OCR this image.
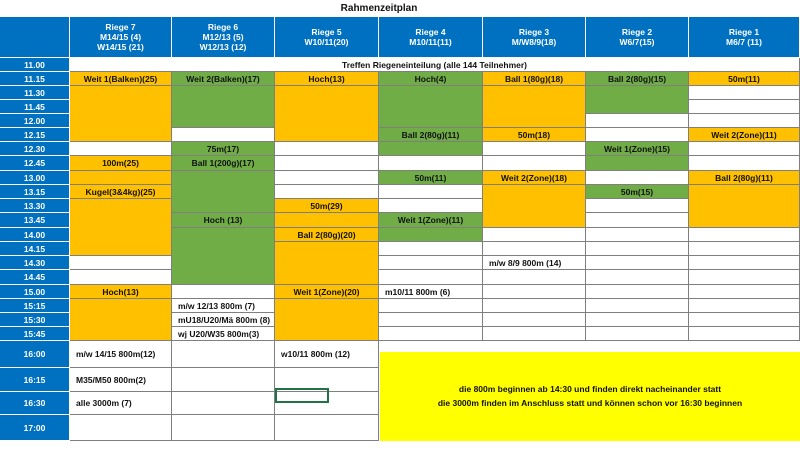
Rahmenzeitplan
Riege 7
M14/15 (4)
W14/15 (21)
Riege 6
M12/13 (5)
W12/13 (12)
Riege 5
W10/11(20)
Riege 4
M10/11(11)
Riege 3
M/W8/9(18)
Riege 2
W6/7(15)
Riege 1
M6/7 (11)
11.00
11.15
11.30
11.45
12.00
12.15
12.30
12.45
13.00
13.15
13.30
13.45
14.00
14.15
14.30
14.45
15.00
15:15
15:30
15:45
16:00
16:15
16:30
17:00
Treffen Riegeneinteilung (alle 144 Teilnehmer)
Weit 1(Balken)(25)
100m(25)
Kugel(3&4kg)(25)
Hoch(13)
Weit 2(Balken)(17)
75m(17)
Ball 1(200g)(17)
Hoch (13)
Hoch(13)
50m(29)
Ball 2(80g)(20)
Weit 1(Zone)(20)
Hoch(4)
Ball 2(80g)(11)
50m(11)
Weit 1(Zone)(11)
Ball 1(80g)(18)
50m(18)
Weit 2(Zone)(18)
Ball 2(80g)(15)
Weit 1(Zone)(15)
50m(15)
50m(11)
Weit 2(Zone)(11)
Ball 2(80g)(11)
m/w 12/13 800m (7)
mU18/U20/Mä 800m (8)
wj U20/W35 800m(3)
m10/11 800m (6)
m/w 8/9 800m (14)
m/w 14/15 800m(12)
M35/M50 800m(2)
alle 3000m (7)
w10/11 800m (12)
die 800m beginnen ab 14:30 und finden direkt nacheinander statt
die 3000m finden im Anschluss statt und können schon vor 16:30 beginnen
